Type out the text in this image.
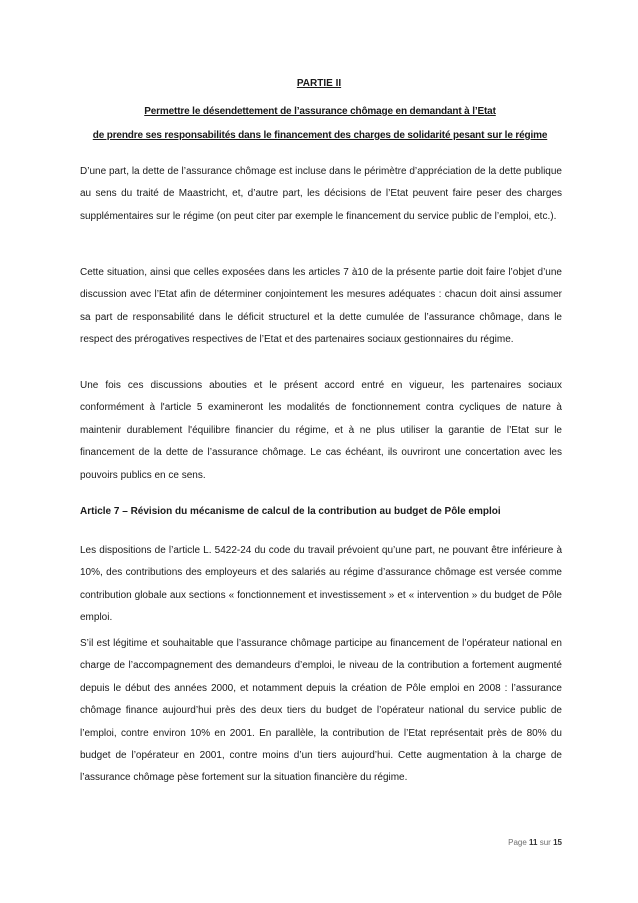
PARTIE II
Permettre le désendettement de l’assurance chômage en demandant à l’Etat
de prendre ses responsabilités dans le financement des charges de solidarité pesant sur le régime

D’une part, la dette de l’assurance chômage est incluse dans le périmètre d’appréciation de la dette publique au sens du traité de Maastricht, et, d’autre part, les décisions de l’Etat peuvent faire peser des charges supplémentaires sur le régime (on peut citer par exemple le financement du service public de l’emploi, etc.).

Cette situation, ainsi que celles exposées dans les articles 7 à10 de la présente partie doit faire l’objet d’une discussion avec l’Etat afin de déterminer conjointement les mesures adéquates : chacun doit ainsi assumer sa part de responsabilité dans le déficit structurel et la dette cumulée de l’assurance chômage, dans le respect des prérogatives respectives de l’Etat et des partenaires sociaux gestionnaires du régime.

Une fois ces discussions abouties et le présent accord entré en vigueur, les partenaires sociaux conformément à l'article 5 examineront les modalités de fonctionnement contra cycliques de nature à maintenir durablement l'équilibre financier du régime, et à ne plus utiliser la garantie de l’Etat sur le financement de la dette de l’assurance chômage. Le cas échéant, ils ouvriront une concertation avec les pouvoirs publics en ce sens.

Article 7 – Révision du mécanisme de calcul de la contribution au budget de Pôle emploi

Les dispositions de l’article L. 5422-24 du code du travail prévoient qu’une part, ne pouvant être inférieure à 10%, des contributions des employeurs et des salariés au régime d’assurance chômage est versée comme contribution globale aux sections « fonctionnement et investissement » et « intervention » du budget de Pôle emploi.

S’il est légitime et souhaitable que l’assurance chômage participe au financement de l’opérateur national en charge de l’accompagnement des demandeurs d’emploi, le niveau de la contribution a fortement augmenté depuis le début des années 2000, et notamment depuis la création de Pôle emploi en 2008 : l’assurance chômage finance aujourd’hui près des deux tiers du budget de l’opérateur national du service public de l’emploi, contre environ 10% en 2001. En parallèle, la contribution de l’Etat représentait près de 80% du budget de l’opérateur en 2001, contre moins d’un tiers aujourd’hui. Cette augmentation à la charge de l’assurance chômage pèse fortement sur la situation financière du régime.

Page 11 sur 15
